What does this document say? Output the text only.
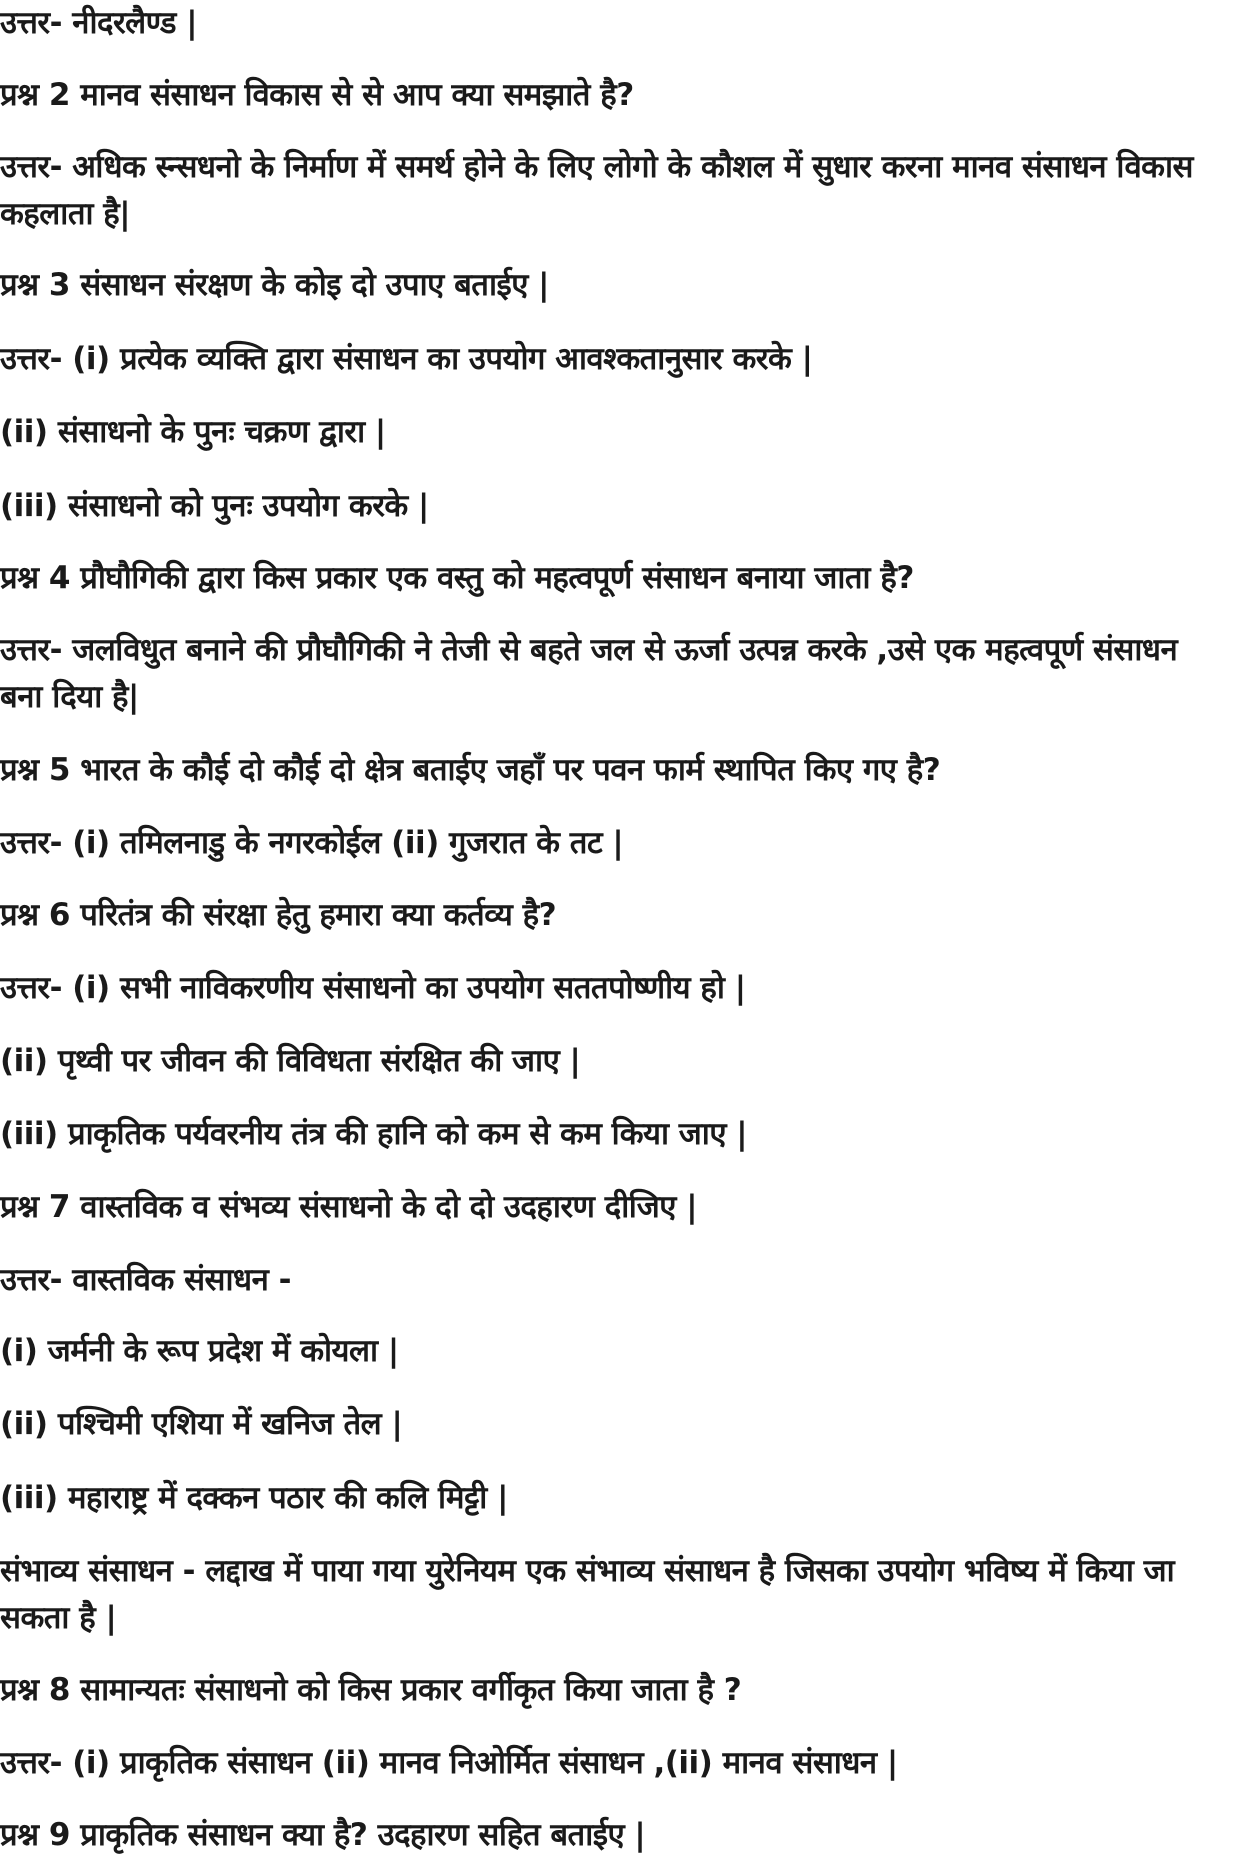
उत्तर- नीदरलैण्ड |
प्रश्न 2 मानव संसाधन विकास से से आप क्या समझाते है?
उत्तर- अधिक स्न्सधनो के निर्माण में समर्थ होने के लिए लोगो के कौशल में सुधार करना मानव संसाधन विकास कहलाता है|
प्रश्न 3 संसाधन संरक्षण के कोइ दो उपाए बताईए |
उत्तर- (i) प्रत्येक व्यक्ति द्वारा संसाधन का उपयोग आवश्कतानुसार करके |
(ii) संसाधनो के पुनः चक्रण द्वारा |
(iii) संसाधनो को पुनः उपयोग करके |
प्रश्न 4 प्रौघौगिकी द्वारा किस प्रकार एक वस्तु को महत्वपूर्ण संसाधन बनाया जाता है?
उत्तर- जलविधुत बनाने की प्रौघौगिकी ने तेजी से बहते जल से ऊर्जा उत्पन्न करके ,उसे एक महत्वपूर्ण संसाधन बना दिया है|
प्रश्न 5 भारत के कौई दो कौई दो क्षेत्र बताईए जहाँ पर पवन फार्म स्थापित किए गए है?
उत्तर- (i) तमिलनाडु के नगरकोईल (ii) गुजरात के तट |
प्रश्न 6 परितंत्र की संरक्षा हेतु हमारा क्या कर्तव्य है?
उत्तर- (i) सभी नाविकरणीय संसाधनो का उपयोग सततपोष्णीय हो |
(ii) पृथ्वी पर जीवन की विविधता संरक्षित की जाए |
(iii) प्राकृतिक पर्यवरनीय तंत्र की हानि को कम से कम किया जाए |
प्रश्न 7 वास्तविक व संभव्य संसाधनो के दो दो उदहारण दीजिए |
उत्तर- वास्तविक संसाधन -
(i) जर्मनी के रूप प्रदेश में कोयला |
(ii) पश्चिमी एशिया में खनिज तेल |
(iii) महाराष्ट्र में दक्कन पठार की कलि मिट्टी |
संभाव्य संसाधन - लद्दाख में पाया गया युरेनियम एक संभाव्य संसाधन है जिसका उपयोग भविष्य में किया जा सकता है |
प्रश्न 8 सामान्यतः संसाधनो को किस प्रकार वर्गीकृत किया जाता है ?
उत्तर- (i) प्राकृतिक संसाधन (ii) मानव निओर्मित संसाधन ,(ii) मानव संसाधन |
प्रश्न 9 प्राकृतिक संसाधन क्या है? उदहारण सहित बताईए |
